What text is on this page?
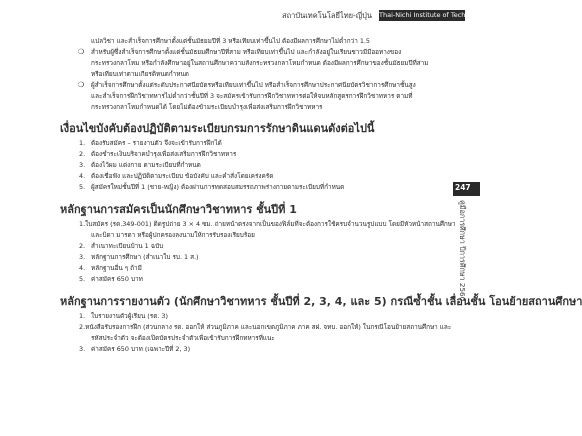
สถาบันเทคโนโลยีไทย-ญี่ปุ่น Thai-Nichi Institute of Technology
247
คู่มือการศึกษา ปีการศึกษา 2560
แปลวิชา และสำเร็จการศึกษาตั้งแต่ชั้นมัธยมปีที่ 3 หรือเทียบเท่าขึ้นไป ต้องมีผลการศึกษาไม่ต่ำกว่า 1.5
❍	สำหรับผู้ซึ่งสำเร็จการศึกษาตั้งแต่ชั้นมัธยมศึกษาปีที่สาม หรือเทียบเท่าขึ้นไป และกำลังอยู่ในเรียนชาวมีมืออทางของ
กระทรวงกลาโหม หรือกำลังศึกษาอยู่ในสถานศึกษาความสังกระทรวงกลาโหมกำหนด ต้องมีผลการศึกษาของชั้นมัธยมปีที่สาม
หรือเทียบเท่าตามเกียรติหนดกำหนด
❍	ผู้สำเร็จการศึกษาตั้งแต่ระดับประกาศนียบัตรหรือเทียบเท่าขึ้นไป หรือสำเร็จการศึกษาประกาศนียบัตรวิชาการศึกษาชั้นสูง
และสำเร็จการฝึกวิชาทหารไม่ต่ำกว่าชั้นปีที่ 3 จะสมัครเข้ารับการฝึกวิชาทหารต่อให้จบหลักสูตรการฝึกวิชาทหาร ตามที่
กระทรวงกลาโหมกำหนดได้ โดยไม่ต้องข้ามระเบียบบำรุงเพื่อส่งเสริมการฝึกวิชาทหาร
เงื่อนไขบังคับต้องปฏิบัติตามระเบียบกรมการรักษาดินแดนดังต่อไปนี้
1. ต้องรับสมัคร – รายงานตัว จึงจะเข้ารับการฝึกได้
2. ต้องชำระเงินบริจาคบำรุงเพื่อส่งเสริมการฝึกวิชาทหาร
3. ต้องไว้ผม แต่งกาย ตามระเบียบที่กำหนด
4. ต้องเชื่อฟัง และปฏิบัติตามระเบียบ ข้อบังคับ และคำสั่งโดยเคร่งครัด
5. ผู้สมัครใหม่ชั้นปีที่ 1 (ชาย-หญิง) ต้องผ่านการทดสอบสมรรถภาพร่างกายตามระเบียบที่กำหนด
หลักฐานการสมัครเป็นนักศึกษาวิชาทหาร ชั้นปีที่ 1
1. ใบสมัคร (รด.349-001) ติดรูปถ่าย 3 × 4 ซม. ถ่ายหน้าตรงจากเป็นของฟิล์มที่จะต้องการใช้ครบจำนวนรูปแบบ โดยมีหัวหน้าสถานศึกษา
และบิดา มารดา หรือผู้ปกครองลงนามให้การรับรองเรียบร้อย
2. สำเนาทะเบียนบ้าน 1 ฉบับ
3. หลักฐานการศึกษา (สำเนาใบ รบ. 1 ส.)
4. หลักฐานอื่น ๆ ถ้ามี
5. ค่าสมัคร 650 บาท
หลักฐานการรายงานตัว (นักศึกษาวิชาทหาร ชั้นปีที่ 2, 3, 4, และ 5) กรณีซ้ำชั้น เลื่อนชั้น โอนย้ายสถานศึกษา
1. ใบรายงานตัวผู้เรียน (รด. 3)
2. หนังสือรับรองการฝึก (ส่วนกลาง รด. ออกให้ ส่วนภูมิภาค และนอกเขตภูมิภาค ภาค สฝ. จทบ. ออกให้) ในกรณีโอนย้ายสถานศึกษา และ
รหัสประจำตัว จะต้องเปิดบัตรประจำตัวเพื่อเข้ารับการฝึกทหารที่แนะ
3. ค่าสมัคร 650 บาท (เฉพาะปีที่ 2, 3)
